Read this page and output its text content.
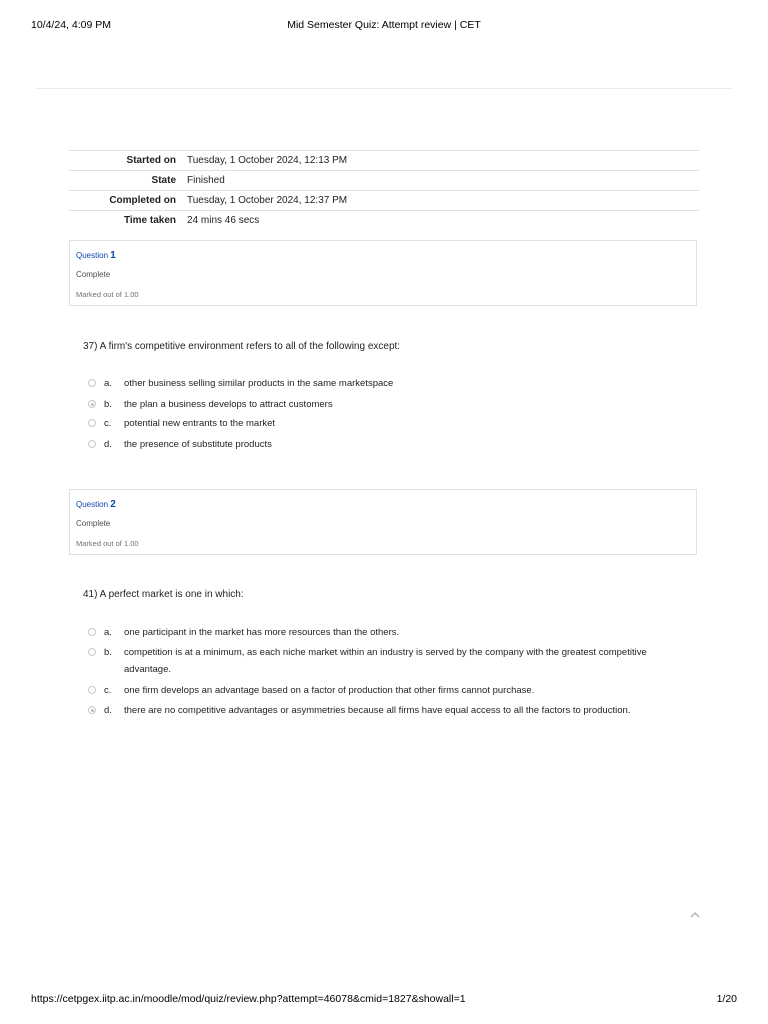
10/4/24, 4:09 PM	Mid Semester Quiz: Attempt review | CET
Started on	Tuesday, 1 October 2024, 12:13 PM
State	Finished
Completed on	Tuesday, 1 October 2024, 12:37 PM
Time taken	24 mins 46 secs
Question 1
Complete
Marked out of 1.00
37) A firm's competitive environment refers to all of the following except:
a. other business selling similar products in the same marketspace
b. the plan a business develops to attract customers
c. potential new entrants to the market
d. the presence of substitute products
Question 2
Complete
Marked out of 1.00
41) A perfect market is one in which:
a. one participant in the market has more resources than the others.
b. competition is at a minimum, as each niche market within an industry is served by the company with the greatest competitive advantage.
c. one firm develops an advantage based on a factor of production that other firms cannot purchase.
d. there are no competitive advantages or asymmetries because all firms have equal access to all the factors to production.
https://cetpgex.iitp.ac.in/moodle/mod/quiz/review.php?attempt=46078&cmid=1827&showall=1	1/20
